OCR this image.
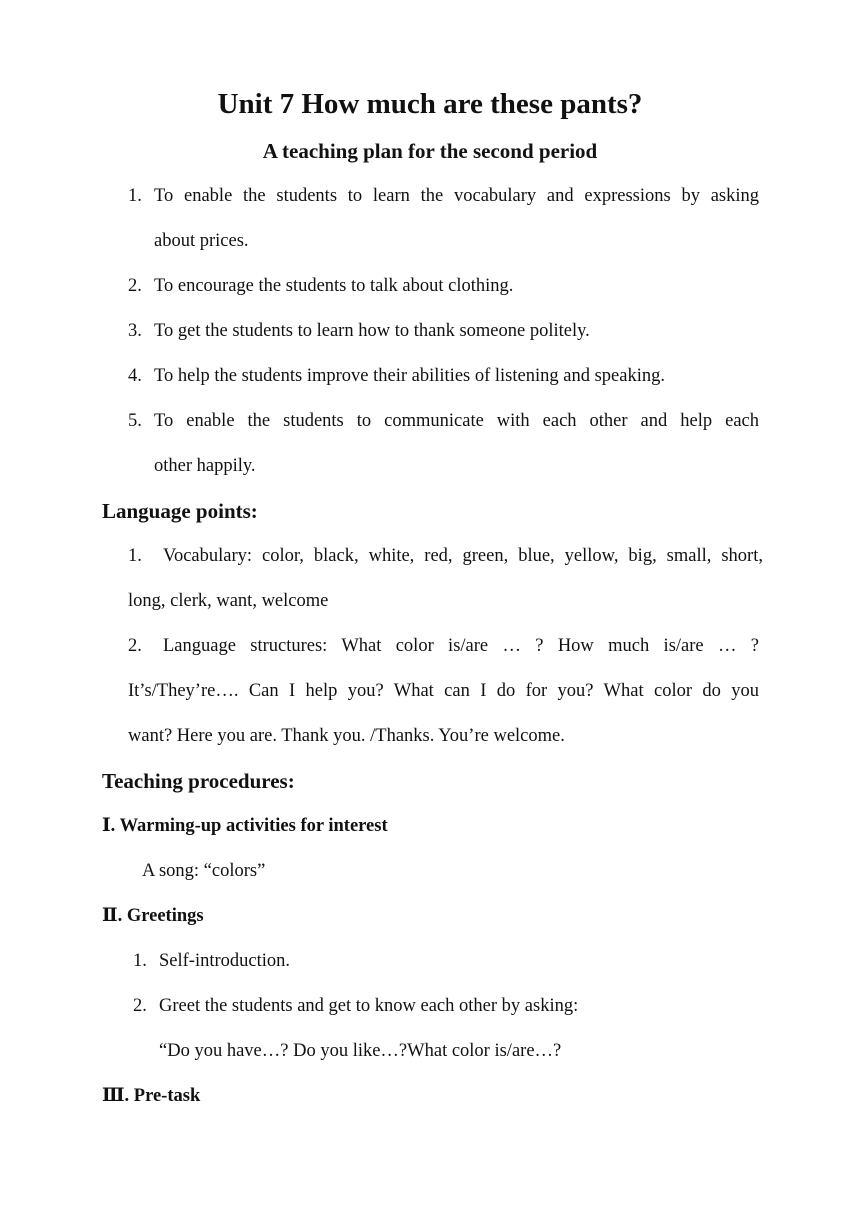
Unit 7 How much are these pants?
A teaching plan for the second period
1. To enable the students to learn the vocabulary and expressions by asking
about prices.
2. To encourage the students to talk about clothing.
3. To get the students to learn how to thank someone politely.
4. To help the students improve their abilities of listening and speaking.
5. To enable the students to communicate with each other and help each
other happily.
Language points:
1. Vocabulary: color, black, white, red, green, blue, yellow, big, small, short,
long, clerk, want, welcome
2. Language structures: What color is/are … ? How much is/are … ?
It’s/They’re…. Can I help you? What can I do for you? What color do you
want? Here you are. Thank you. /Thanks. You’re welcome.
Teaching procedures:
Ⅰ. Warming-up activities for interest
A song: “colors”
Ⅱ. Greetings
1. Self-introduction.
2. Greet the students and get to know each other by asking:
“Do you have…? Do you like…?What color is/are…?
Ⅲ. Pre-task
